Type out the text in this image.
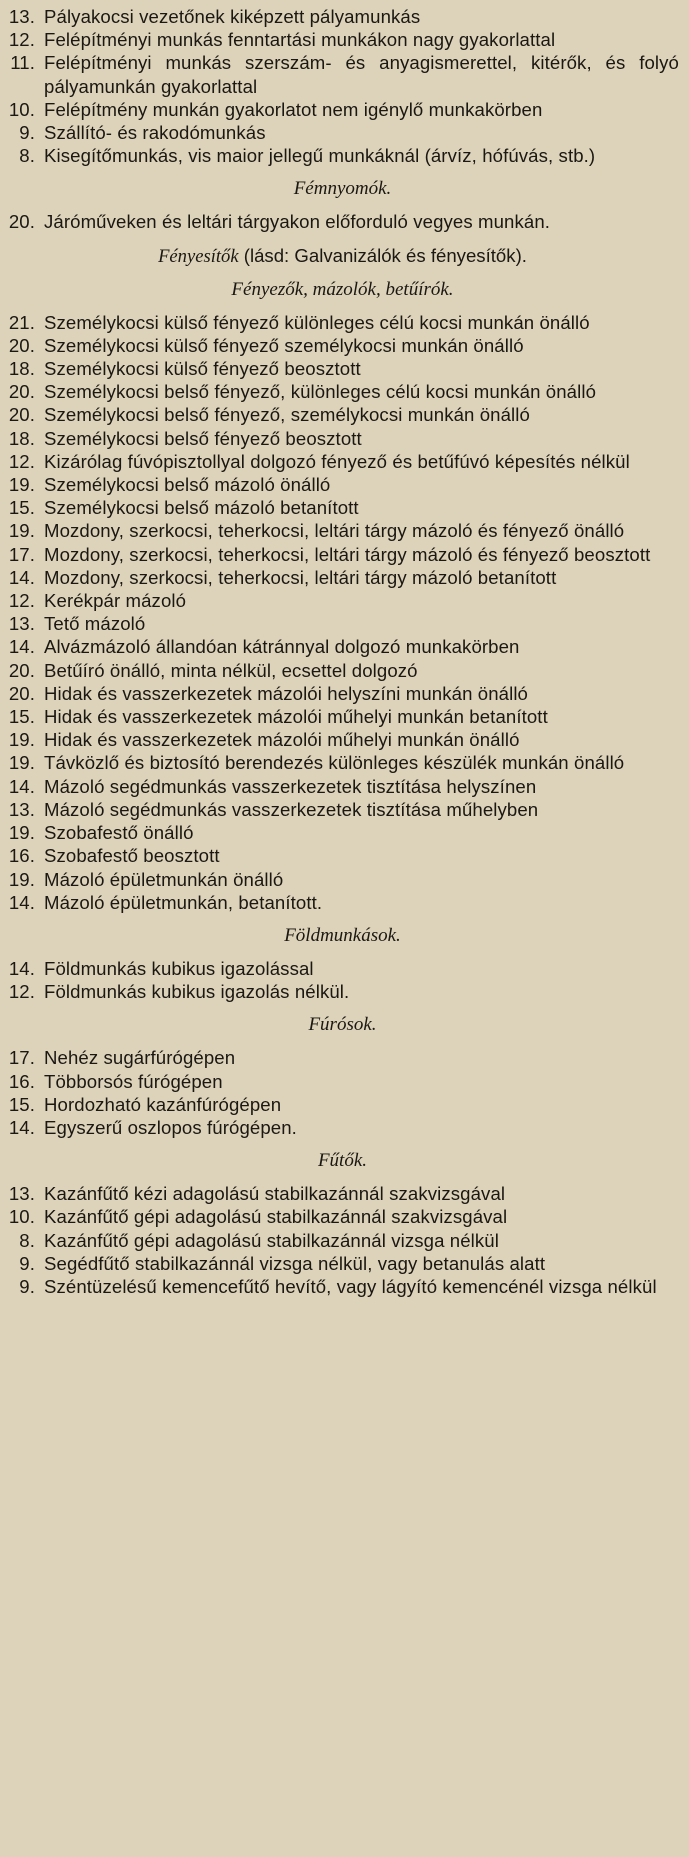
13. Pályakocsi vezetőnek kiképzett pályamunkás
12. Felépítményi munkás fenntartási munkákon nagy gyakorlattal
11. Felépítményi munkás szerszám- és anyagismerettel, kitérők, és folyó pályamunkán gyakorlattal
10. Felépítmény munkán gyakorlatot nem igénylő munkakörben
9. Szállító- és rakodómunkás
8. Kisegítőmunkás, vis maior jellegű munkáknál (árvíz, hófúvás, stb.)
Fémnyomók.
20. Járóműveken és leltári tárgyakon előforduló vegyes munkán.
Fényesítők (lásd: Galvanizálók és fényesítők).
Fényezők, mázolók, betűírók.
21. Személykocsi külső fényező különleges célú kocsi munkán önálló
20. Személykocsi külső fényező személykocsi munkán önálló
18. Személykocsi külső fényező beosztott
20. Személykocsi belső fényező, különleges célú kocsi munkán önálló
20. Személykocsi belső fényező, személykocsi munkán önálló
18. Személykocsi belső fényező beosztott
12. Kizárólag fúvópisztollyal dolgozó fényező és betűfúvó képesítés nélkül
19. Személykocsi belső mázoló önálló
15. Személykocsi belső mázoló betanított
19. Mozdony, szerkocsi, teherkocsi, leltári tárgy mázoló és fényező önálló
17. Mozdony, szerkocsi, teherkocsi, leltári tárgy mázoló és fényező beosztott
14. Mozdony, szerkocsi, teherkocsi, leltári tárgy mázoló betanított
12. Kerékpár mázoló
13. Tető mázoló
14. Alvázmázoló állandóan kátránnyal dolgozó munkakörben
20. Betűíró önálló, minta nélkül, ecsettel dolgozó
20. Hidak és vasszerkezetek mázolói helyszíni munkán önálló
15. Hidak és vasszerkezetek mázolói műhelyi munkán betanított
19. Hidak és vasszerkezetek mázolói műhelyi munkán önálló
19. Távközlő és biztosító berendezés különleges készülék munkán önálló
14. Mázoló segédmunkás vasszerkezetek tisztítása helyszínen
13. Mázoló segédmunkás vasszerkezetek tisztítása műhelyben
19. Szobafestő önálló
16. Szobafestő beosztott
19. Mázoló épületmunkán önálló
14. Mázoló épületmunkán, betanított.
Földmunkások.
14. Földmunkás kubikus igazolással
12. Földmunkás kubikus igazolás nélkül.
Fúrósok.
17. Nehéz sugárfúrógépen
16. Többorsós fúrógépen
15. Hordozható kazánfúrógépen
14. Egyszerű oszlopos fúrógépen.
Fűtők.
13. Kazánfűtő kézi adagolású stabilkazánnál szakvizsgával
10. Kazánfűtő gépi adagolású stabilkazánnál szakvizsgával
8. Kazánfűtő gépi adagolású stabilkazánnál vizsga nélkül
9. Segédfűtő stabilkazánnál vizsga nélkül, vagy betanulás alatt
9. Széntüzelésű kemencefűtő hevítő, vagy lágyító kemencénél vizsga nélkül
